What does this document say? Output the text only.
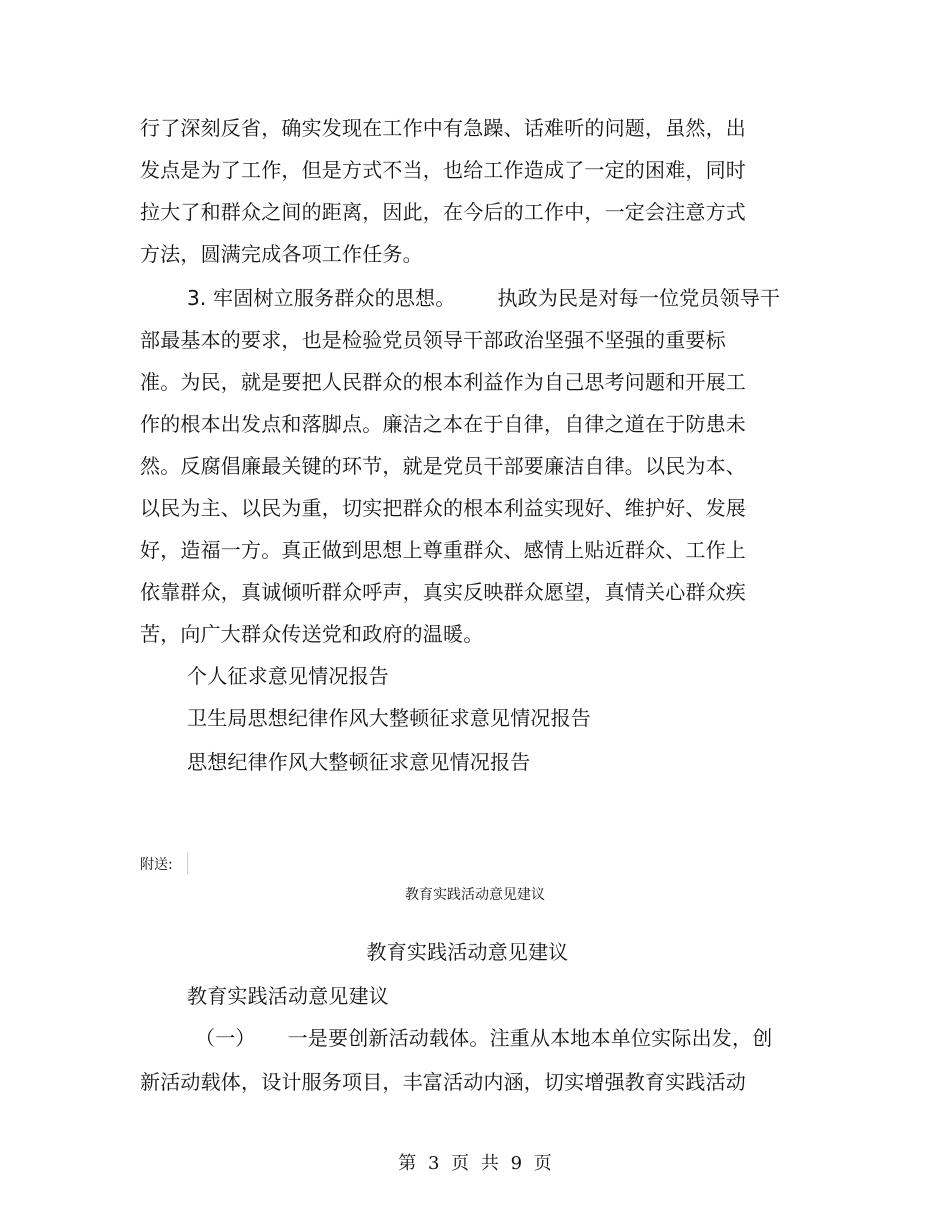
行了深刻反省，确实发现在工作中有急躁、话难听的问题，虽然，出
发点是为了工作，但是方式不当，也给工作造成了一定的困难，同时
拉大了和群众之间的距离，因此，在今后的工作中，一定会注意方式
方法，圆满完成各项工作任务。
3. 牢固树立服务群众的思想。 执政为民是对每一位党员领导干
部最基本的要求，也是检验党员领导干部政治坚强不坚强的重要标
准。为民，就是要把人民群众的根本利益作为自己思考问题和开展工
作的根本出发点和落脚点。廉洁之本在于自律，自律之道在于防患未
然。反腐倡廉最关键的环节，就是党员干部要廉洁自律。以民为本、
以民为主、以民为重，切实把群众的根本利益实现好、维护好、发展
好，造福一方。真正做到思想上尊重群众、感情上贴近群众、工作上
依靠群众，真诚倾听群众呼声，真实反映群众愿望，真情关心群众疾
苦，向广大群众传送党和政府的温暖。
个人征求意见情况报告
卫生局思想纪律作风大整顿征求意见情况报告
思想纪律作风大整顿征求意见情况报告
附送:
教育实践活动意见建议
教育实践活动意见建议
教育实践活动意见建议
（一） 一是要创新活动载体。注重从本地本单位实际出发，创
新活动载体，设计服务项目，丰富活动内涵，切实增强教育实践活动
第 3 页 共 9 页
